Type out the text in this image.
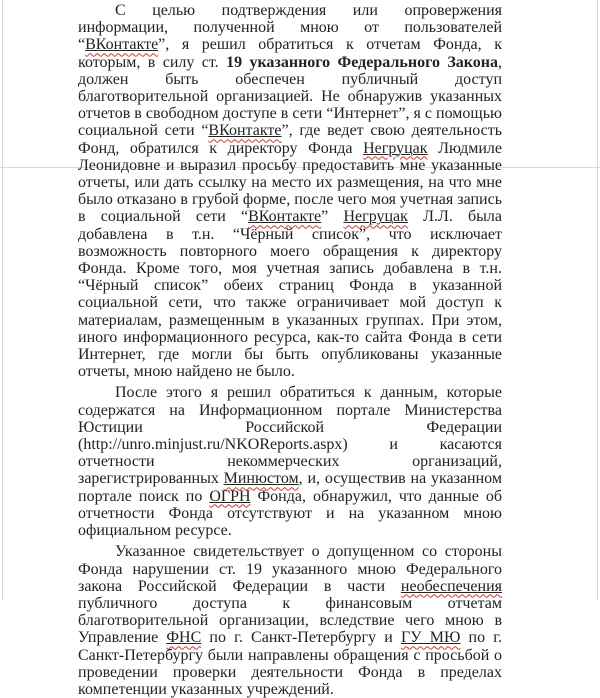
С целью подтверждения или опровержения информации, полученной мною от пользователей “ВКонтакте”, я решил обратиться к отчетам Фонда, к которым, в силу ст. 19 указанного Федерального Закона, должен быть обеспечен публичный доступ благотворительной организацией. Не обнаружив указанных отчетов в свободном доступе в сети “Интернет”, я с помощью социальной сети “ВКонтакте”, где ведет свою деятельность Фонд, обратился к директору Фонда Негруцак Людмиле Леонидовне и выразил просьбу предоставить мне указанные отчеты, или дать ссылку на место их размещения, на что мне было отказано в грубой форме, после чего моя учетная запись в социальной сети “ВКонтакте” Негруцак Л.Л. была добавлена в т.н. “Чёрный список”, что исключает возможность повторного моего обращения к директору Фонда. Кроме того, моя учетная запись добавлена в т.н. “Чёрный список” обеих страниц Фонда в указанной социальной сети, что также ограничивает мой доступ к материалам, размещенным в указанных группах. При этом, иного информационного ресурса, как-то сайта Фонда в сети Интернет, где могли бы быть опубликованы указанные отчеты, мною найдено не было.

После этого я решил обратиться к данным, которые содержатся на Информационном портале Министерства Юстиции Российской Федерации (http://unro.minjust.ru/NKOReports.aspx) и касаются отчетности некоммерческих организаций, зарегистрированных Минюстом, и, осуществив на указанном портале поиск по ОГРН Фонда, обнаружил, что данные об отчетности Фонда отсутствуют и на указанном мною официальном ресурсе.

Указанное свидетельствует о допущенном со стороны Фонда нарушении ст. 19 указанного мною Федерального закона Российской Федерации в части необеспечения публичного доступа к финансовым отчетам благотворительной организации, вследствие чего мною в Управление ФНС по г. Санкт-Петербургу и ГУ МЮ по г. Санкт-Петербургу были направлены обращения с просьбой о проведении проверки деятельности Фонда в пределах компетенции указанных учреждений.
